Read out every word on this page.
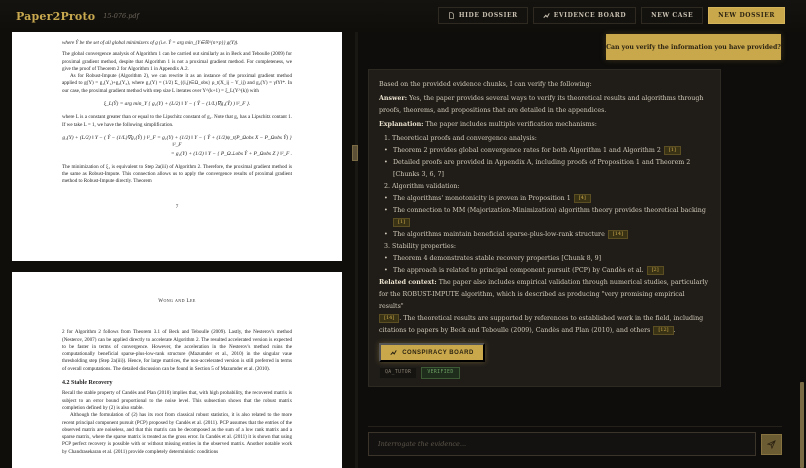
Paper2Proto 15-076.pdf	HIDE DOSSIER	EVIDENCE BOARD	NEW CASE	NEW DOSSIER

where Ŷ be the set of all global minimizers of g (i.e. Ŷ = arg min_{Y∈ℝ^{n×p}} g(Y)).

The global convergence analysis of Algorithm 1 can be carried out similarly as in Beck and Teboulle (2009) for proximal gradient method, despite that Algorithm 1 is not a proximal gradient method. For completeness, we give the proof of Theorem 2 for Algorithm 1 in Appendix A.2.

As for Robust-Impute (Algorithm 2), we can rewrite it as an instance of the proximal gradient method applied to g(Y) = g₁(Y₁)+g₂(Y₂), where g₁(Y) = (1/2) Σ_{(i,j)∈Ω_obs} ρ_t(X_ij − Y_ij) and g₂(Y) = γ‖Y‖*. In our case, the proximal gradient method with step size L iterates over Y^(k+1) = ξ_L(Y^(k)) with

ξ_L(Ŷ) = arg min_Y { g₁(Y) + (L/2) ‖ Y − ( Ŷ − (1/L)∇g₁(Ŷ) ) ‖²_F }.

where L is a constant greater than or equal to the Lipschitz constant of g₁. Note that g₁ has a Lipschitz contant 1. If we take L = 1, we have the following simplification.

g₁(Y) + (L/2) ‖ Y − ( Ŷ − (1/L)∇g₁(Ŷ) ) ‖²_F = g₁(Y) + (1/2) ‖ Y − { Ŷ + (1/2)ψ_t(P_Ωobs X − P_Ωobs Ŷ) } ‖²_F

= g₁(Y) + (1/2) ‖ Y − { P_Ω⊥obs Ŷ + P_Ωobs Z } ‖²_F .

The minimization of ξ₁ is equivalent to Step 2a(iii) of Algorithm 2. Therefore, the proximal gradient method is the same as Robust-Impute. This connection allows us to apply the convergence results of proximal gradient method to Robust-Impute directly. Theorem

7

Wong and Lee

2 for Algorithm 2 follows from Theorem 3.1 of Beck and Teboulle (2009). Lastly, the Nesterov's method (Nesterov, 2007) can be applied directly to accelerate Algorithm 2. The resulted accelerated version is expected to be faster in terms of convergence. However, the acceleration in the Nesterov's method ruins the computationally beneficial sparse-plus-low-rank structure (Mazumder et al., 2010) in the singular vaue thresholding step (Step 2a(iii)). Hence, for large matrices, the non-accelerated version is still preferred in terms of overall computations. The detailed discussion can be found in Section 5 of Mazumder et al. (2010).

4.2 Stable Recovery

Recall the stable property of Candès and Plan (2010) implies that, with high probability, the recovered matrix is subject to an error bound proportional to the noise level. This subsection shows that the robust matrix completion defined by (2) is also stable.

Although the formulation of (2) has its root from classical robust statistics, it is also related to the more recent principal component pursuit (PCP) proposed by Candès et al. (2011). PCP assumes that the entries of the observed matrix are noiseless, and that this matrix can be decomposed as the sum of a low rank matrix and a sparse matrix, where the sparse matrix is treated as the gross error. In Candès et al. (2011) it is shown that using PCP perfect recovery is possible with or without missing entries in the observed matrix. Another notable work by Chandrasekaran et al. (2011) provide completely deterministic conditions

Can you verify the information you have provided?

Based on the provided evidence chunks, I can verify the following:

Answer: Yes, the paper provides several ways to verify its theoretical results and algorithms through proofs, theorems, and propositions that are detailed in the appendices.

Explanation: The paper includes multiple verification mechanisms:

1. Theoretical proofs and convergence analysis:
• Theorem 2 provides global convergence rates for both Algorithm 1 and Algorithm 2 [1]
• Detailed proofs are provided in Appendix A, including proofs of Proposition 1 and Theorem 2 [Chunks 3, 6, 7]
2. Algorithm validation:
• The algorithms' monotonicity is proven in Proposition 1 [4]
• The connection to MM (Majorization-Minimization) algorithm theory provides theoretical backing
[1]
• The algorithms maintain beneficial sparse-plus-low-rank structure [14]
3. Stability properties:
• Theorem 4 demonstrates stable recovery properties [Chunk 8, 9]
• The approach is related to principal component pursuit (PCP) by Candès et al. [2]

Related context: The paper also includes empirical validation through numerical studies, particularly for the ROBUST-IMPUTE algorithm, which is described as producing "very promising empirical results"
[14] . The theoretical results are supported by references to established work in the field, including citations to papers by Beck and Teboulle (2009), Candès and Plan (2010), and others [12] .

CONSPIRACY BOARD
QA_TUTOR	VERIFIED
Interrogate the evidence...
